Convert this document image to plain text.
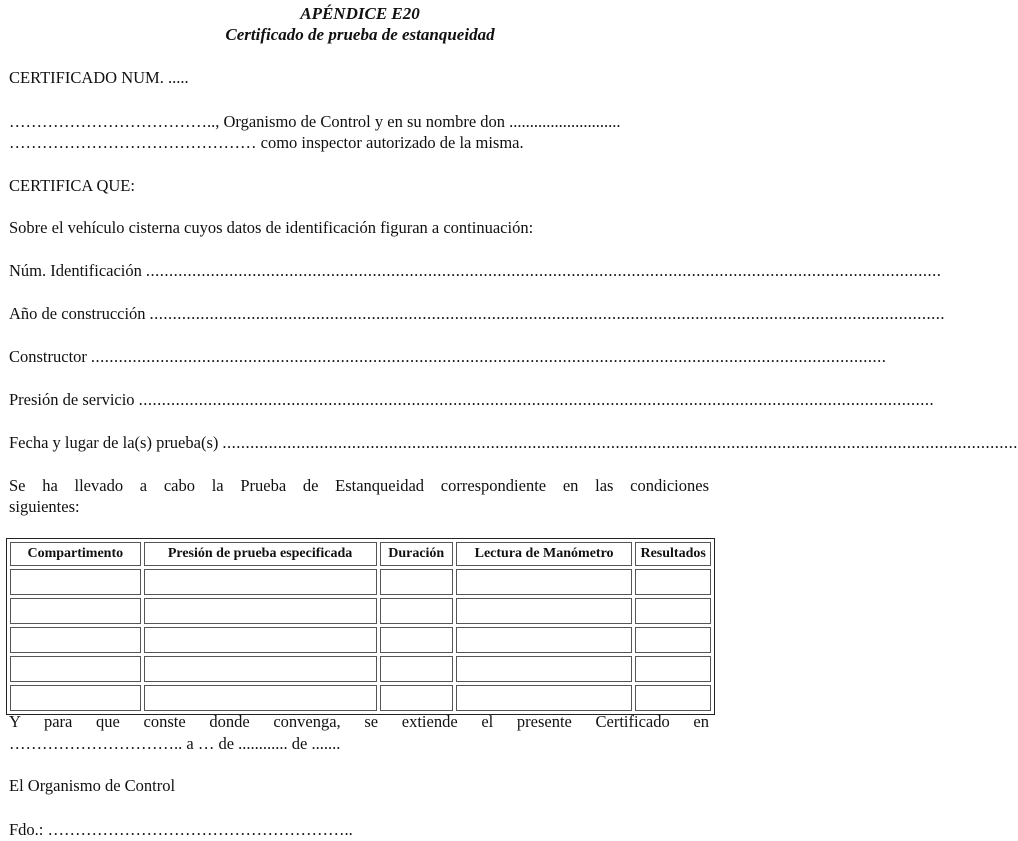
APÉNDICE E20
Certificado de prueba de estanqueidad
CERTIFICADO NUM. .....
……………………………….., Organismo de Control y en su nombre don ...........................
……………………………………… como inspector autorizado de la misma.
CERTIFICA QUE:
Sobre el vehículo cisterna cuyos datos de identificación figuran a continuación:
Núm. Identificación ............................................................................................................................................................................
Año de construcción ............................................................................................................................................................................
Constructor ............................................................................................................................................................................
Presión de servicio ............................................................................................................................................................................
Fecha y lugar de la(s) prueba(s) ............................................................................................................................................................................
Se ha llevado a cabo la Prueba de Estanqueidad correspondiente en las condiciones
siguientes:
Compartimento	Presión de prueba especificada	Duración	Lectura de Manómetro	Resultados

Y para que conste donde convenga, se extiende el presente Certificado en
………………………….. a … de ............ de .......
El Organismo de Control
Fdo.: ………………………………………………..
